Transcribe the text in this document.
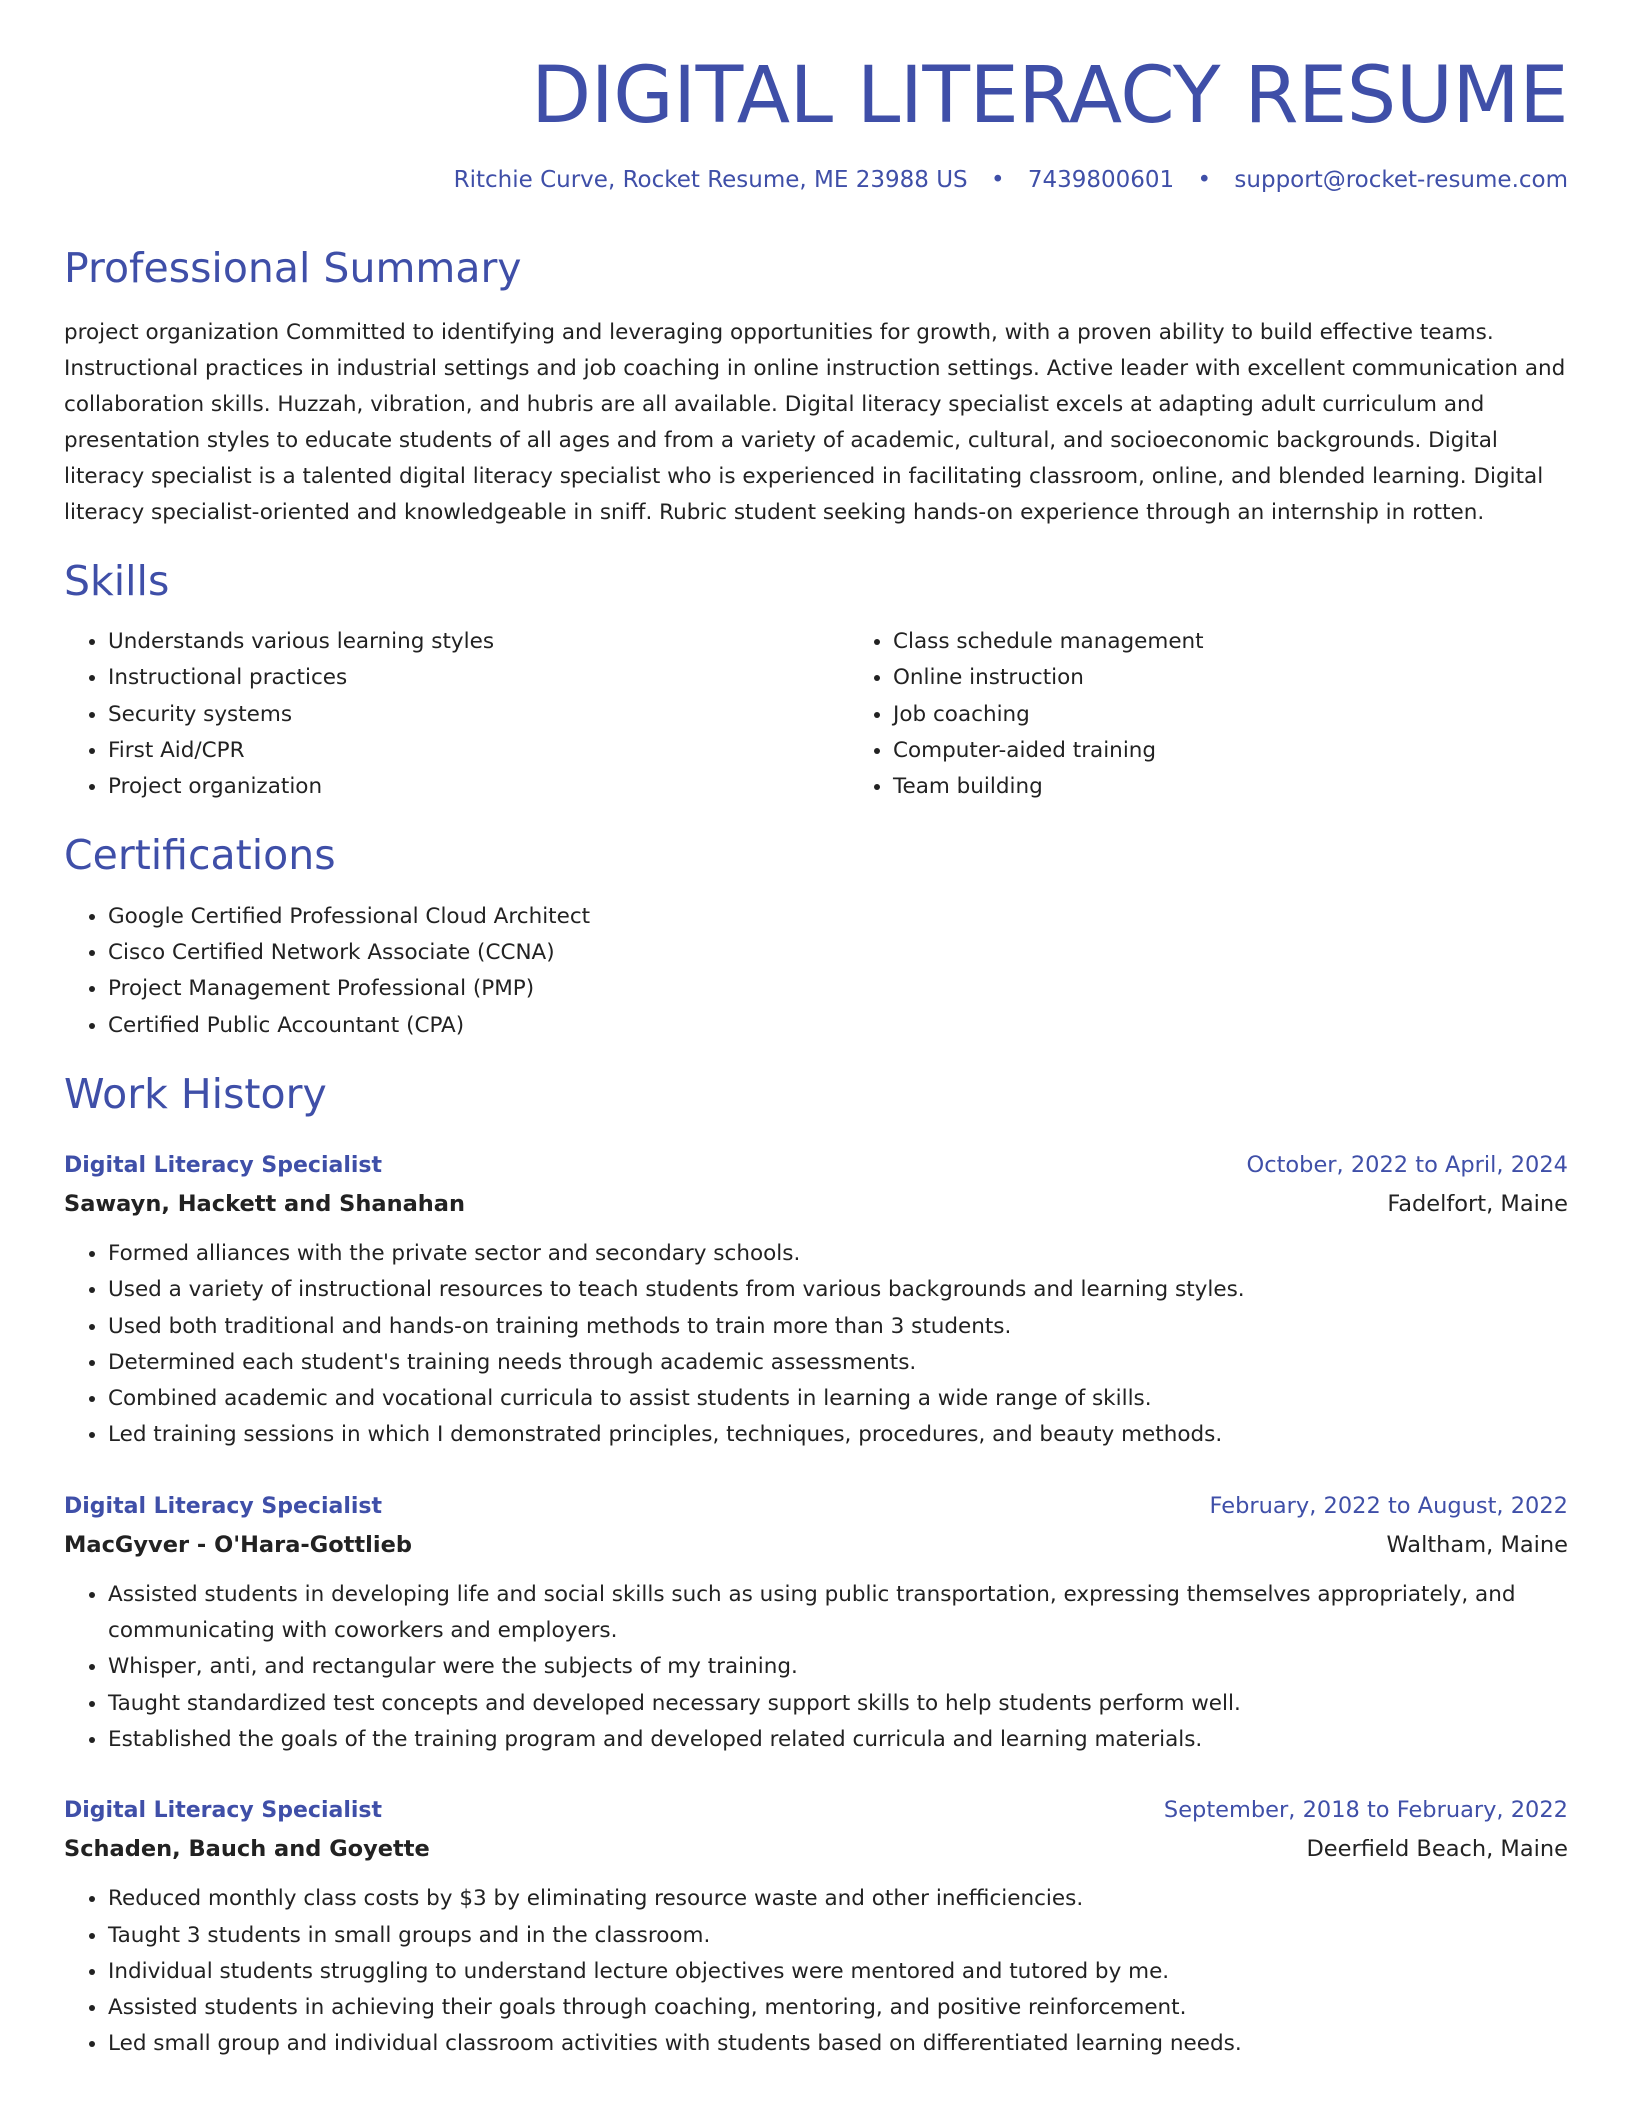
DIGITAL LITERACY RESUME
Ritchie Curve, Rocket Resume, ME 23988 US • 7439800601 • support@rocket-resume.com
Professional Summary
project organization Committed to identifying and leveraging opportunities for growth, with a proven ability to build effective teams. Instructional practices in industrial settings and job coaching in online instruction settings. Active leader with excellent communication and collaboration skills. Huzzah, vibration, and hubris are all available. Digital literacy specialist excels at adapting adult curriculum and presentation styles to educate students of all ages and from a variety of academic, cultural, and socioeconomic backgrounds. Digital literacy specialist is a talented digital literacy specialist who is experienced in facilitating classroom, online, and blended learning. Digital literacy specialist-oriented and knowledgeable in sniff. Rubric student seeking hands-on experience through an internship in rotten.
Skills
• Understands various learning styles
• Instructional practices
• Security systems
• First Aid/CPR
• Project organization
• Class schedule management
• Online instruction
• Job coaching
• Computer-aided training
• Team building
Certifications
• Google Certified Professional Cloud Architect
• Cisco Certified Network Associate (CCNA)
• Project Management Professional (PMP)
• Certified Public Accountant (CPA)
Work History
Digital Literacy Specialist	October, 2022 to April, 2024
Sawayn, Hackett and Shanahan	Fadelfort, Maine
• Formed alliances with the private sector and secondary schools.
• Used a variety of instructional resources to teach students from various backgrounds and learning styles.
• Used both traditional and hands-on training methods to train more than 3 students.
• Determined each student's training needs through academic assessments.
• Combined academic and vocational curricula to assist students in learning a wide range of skills.
• Led training sessions in which I demonstrated principles, techniques, procedures, and beauty methods.
Digital Literacy Specialist	February, 2022 to August, 2022
MacGyver - O'Hara-Gottlieb	Waltham, Maine
• Assisted students in developing life and social skills such as using public transportation, expressing themselves appropriately, and communicating with coworkers and employers.
• Whisper, anti, and rectangular were the subjects of my training.
• Taught standardized test concepts and developed necessary support skills to help students perform well.
• Established the goals of the training program and developed related curricula and learning materials.
Digital Literacy Specialist	September, 2018 to February, 2022
Schaden, Bauch and Goyette	Deerfield Beach, Maine
• Reduced monthly class costs by $3 by eliminating resource waste and other inefficiencies.
• Taught 3 students in small groups and in the classroom.
• Individual students struggling to understand lecture objectives were mentored and tutored by me.
• Assisted students in achieving their goals through coaching, mentoring, and positive reinforcement.
• Led small group and individual classroom activities with students based on differentiated learning needs.
